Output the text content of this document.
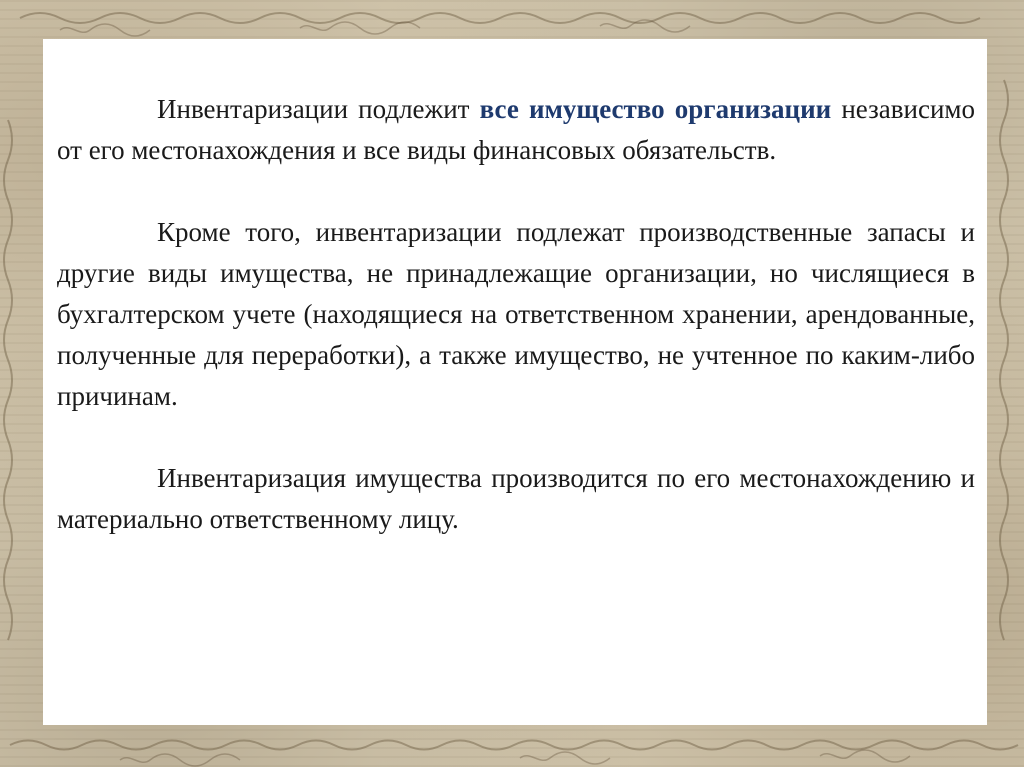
Инвентаризации подлежит все имущество организации независимо от его местонахождения и все виды финансовых обязательств.

Кроме того, инвентаризации подлежат производственные запасы и другие виды имущества, не принадлежащие организации, но числящиеся в бухгалтерском учете (находящиеся на ответственном хранении, арендованные, полученные для переработки), а также имущество, не учтенное по каким-либо причинам.

Инвентаризация имущества производится по его местонахождению и материально ответственному лицу.
